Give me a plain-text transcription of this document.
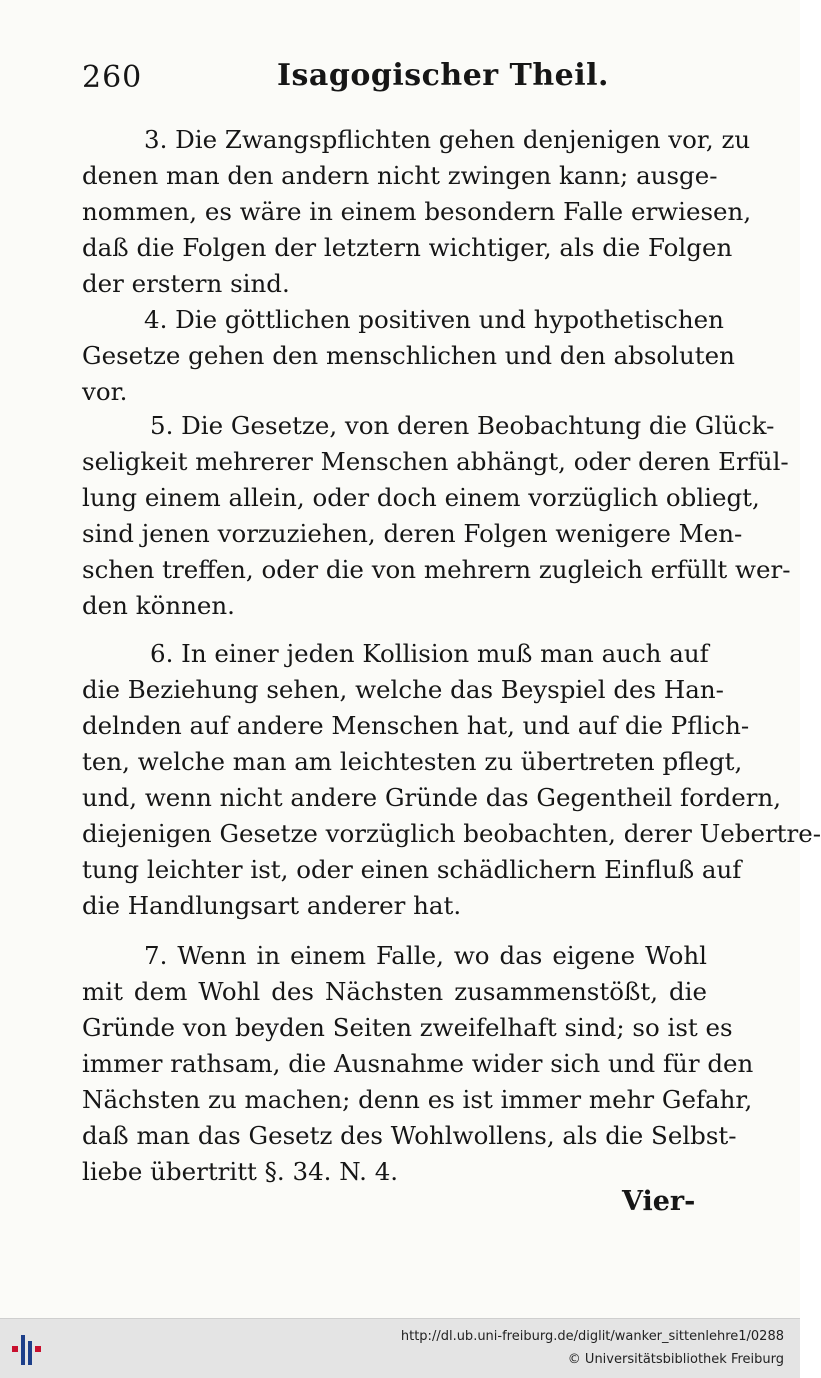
260	Isagogischer Theil.
3. Die Zwangspflichten gehen denjenigen vor, zu
denen man den andern nicht zwingen kann; ausge-
nommen, es wäre in einem besondern Falle erwiesen,
daß die Folgen der letztern wichtiger, als die Folgen
der erstern sind.
4. Die göttlichen positiven und hypothetischen
Gesetze gehen den menschlichen und den absoluten
vor.
5. Die Gesetze, von deren Beobachtung die Glück-
seligkeit mehrerer Menschen abhängt, oder deren Erfül-
lung einem allein, oder doch einem vorzüglich obliegt,
sind jenen vorzuziehen, deren Folgen wenigere Men-
schen treffen, oder die von mehrern zugleich erfüllt wer-
den können.
6. In einer jeden Kollision muß man auch auf
die Beziehung sehen, welche das Beyspiel des Han-
delnden auf andere Menschen hat, und auf die Pflich-
ten, welche man am leichtesten zu übertreten pflegt,
und, wenn nicht andere Gründe das Gegentheil fordern,
diejenigen Gesetze vorzüglich beobachten, derer Uebertre-
tung leichter ist, oder einen schädlichern Einfluß auf
die Handlungsart anderer hat.
7. Wenn in einem Falle, wo das eigene Wohl
mit dem Wohl des Nächsten zusammenstößt, die
Gründe von beyden Seiten zweifelhaft sind; so ist es
immer rathsam, die Ausnahme wider sich und für den
Nächsten zu machen; denn es ist immer mehr Gefahr,
daß man das Gesetz des Wohlwollens, als die Selbst-
liebe übertritt §. 34. N. 4.
Vier-
http://dl.ub.uni-freiburg.de/diglit/wanker_sittenlehre1/0288
© Universitätsbibliothek Freiburg
